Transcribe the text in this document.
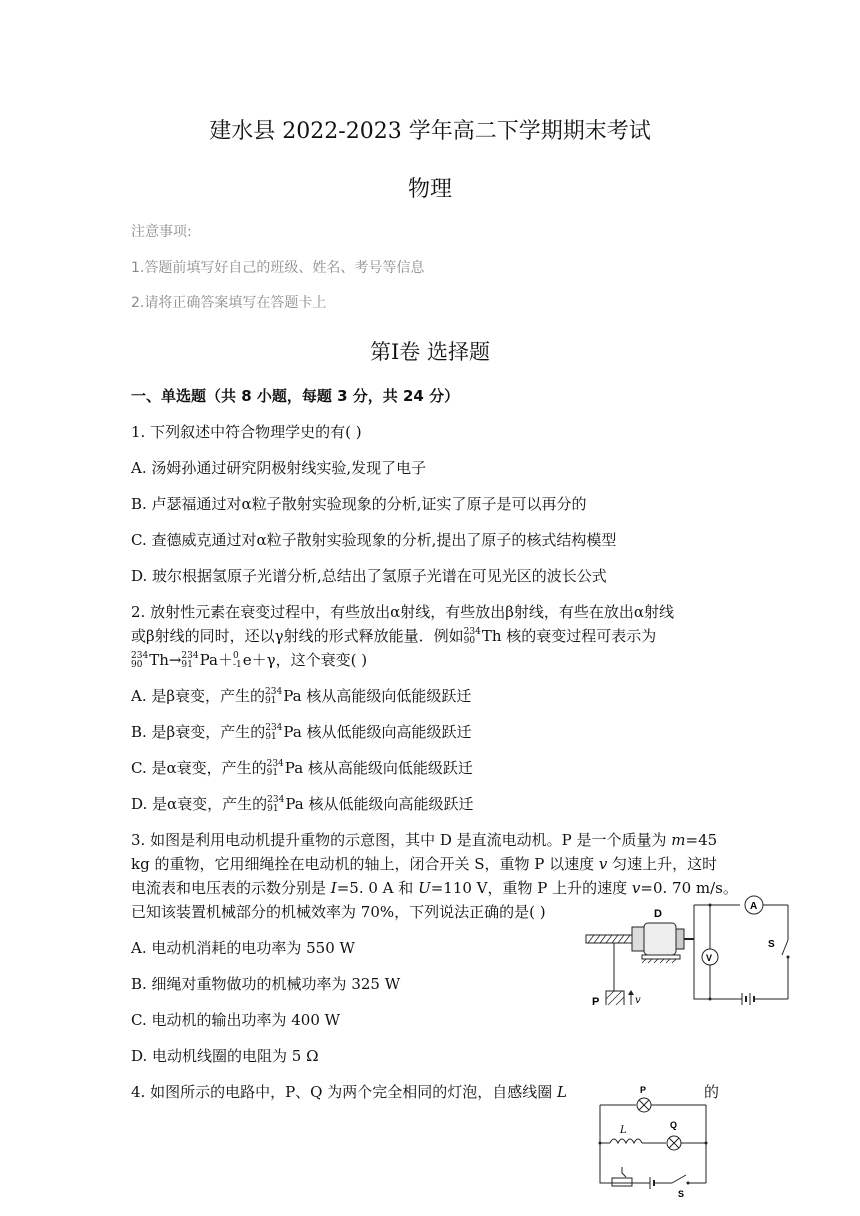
建水县 2022-2023 学年高二下学期期末考试
物理
注意事项:
1.答题前填写好自己的班级、姓名、考号等信息
2.请将正确答案填写在答题卡上
第Ⅰ卷 选择题
一、单选题（共 8 小题，每题 3 分，共 24 分）
1. 下列叙述中符合物理学史的有( )
A. 汤姆孙通过研究阴极射线实验,发现了电子
B. 卢瑟福通过对α粒子散射实验现象的分析,证实了原子是可以再分的
C. 查德威克通过对α粒子散射实验现象的分析,提出了原子的核式结构模型
D. 玻尔根据氢原子光谱分析,总结出了氢原子光谱在可见光区的波长公式
2. 放射性元素在衰变过程中，有些放出α射线，有些放出β射线，有些在放出α射线
或β射线的同时，还以γ射线的形式释放能量．例如 234
90 Th 核的衰变过程可表示为
234
90 Th→ 234
91 Pa＋ 0
-1 e＋γ，这个衰变( )
A. 是β衰变，产生的 234
91 Pa 核从高能级向低能级跃迁
B. 是β衰变，产生的 234
91 Pa 核从低能级向高能级跃迁
C. 是α衰变，产生的 234
91 Pa 核从高能级向低能级跃迁
D. 是α衰变，产生的 234
91 Pa 核从低能级向高能级跃迁
3. 如图是利用电动机提升重物的示意图，其中 D 是直流电动机。P 是一个质量为 m=45
kg 的重物，它用细绳拴在电动机的轴上，闭合开关 S，重物 P 以速度 v 匀速上升，这时
电流表和电压表的示数分别是 I=5. 0 A 和 U=110 V，重物 P 上升的速度 v=0. 70 m/s。
已知该装置机械部分的机械效率为 70%，下列说法正确的是( )
A. 电动机消耗的电功率为 550 W
B. 细绳对重物做功的机械功率为 325 W
C. 电动机的输出功率为 400 W
D. 电动机线圈的电阻为 5 Ω
D
P	v
A
S
V
4. 如图所示的电路中，P、Q 为两个完全相同的灯泡，自感线圈 L	的
P
L	Q
S
